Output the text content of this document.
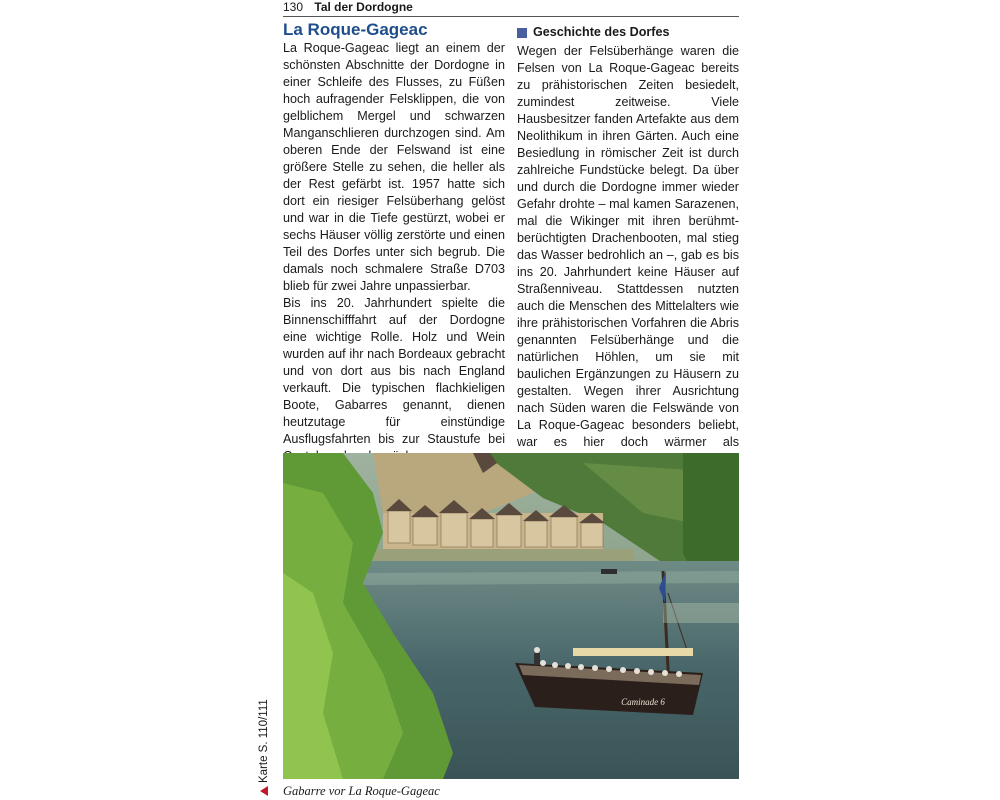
130 Tal der Dordogne
La Roque-Gageac

La Roque-Gageac liegt an einem der schönsten Abschnitte der Dordogne in einer Schleife des Flusses, zu Füßen hoch aufragender Felsklippen, die von gelblichem Mergel und schwarzen Manganschlieren durchzogen sind. Am oberen Ende der Felswand ist eine größere Stelle zu sehen, die heller als der Rest gefärbt ist. 1957 hatte sich dort ein riesiger Felsüberhang gelöst und war in die Tiefe gestürzt, wobei er sechs Häuser völlig zerstörte und einen Teil des Dorfes unter sich begrub. Die damals noch schmalere Straße D703 blieb für zwei Jahre unpassierbar.

Bis ins 20. Jahrhundert spielte die Binnenschifffahrt auf der Dordogne eine wichtige Rolle. Holz und Wein wurden auf ihr nach Bordeaux gebracht und von dort aus bis nach England verkauft. Die typischen flachkieligen Boote, Gabarres genannt, dienen heutzutage für einstündige Ausflugsfahrten bis zur Staustufe bei

Geschichte des Dorfes

Wegen der Felsüberhänge waren die Felsen von La Roque-Gageac bereits zu prähistorischen Zeiten besiedelt, zumindest zeitweise. Viele Hausbesitzer fanden Artefakte aus dem Neolithikum in ihren Gärten. Auch eine Besiedlung in römischer Zeit ist durch zahlreiche Fundstücke belegt. Da über und durch die Dordogne immer wieder Gefahr drohte – mal kamen Sarazenen, mal die Wikinger mit ihren berühmt-berüchtigten Drachenbooten, mal stieg das Wasser bedrohlich an –, gab es bis ins 20. Jahrhundert keine Häuser auf Straßenniveau. Stattdessen nutzten auch die Menschen des Mittelalters wie ihre prähistorischen Vorfahren die Abris genannten Felsüberhänge und die natürlichen Höhlen, um sie mit baulichen Ergänzungen zu Häusern zu gestalten. Wegen ihrer Ausrichtung nach Süden waren die Felswände von La Roque-Gageac besonders beliebt, war es hier doch wärmer als

Caminade 6
Gabarre vor La Roque-Gageac
Karte S. 110/111
